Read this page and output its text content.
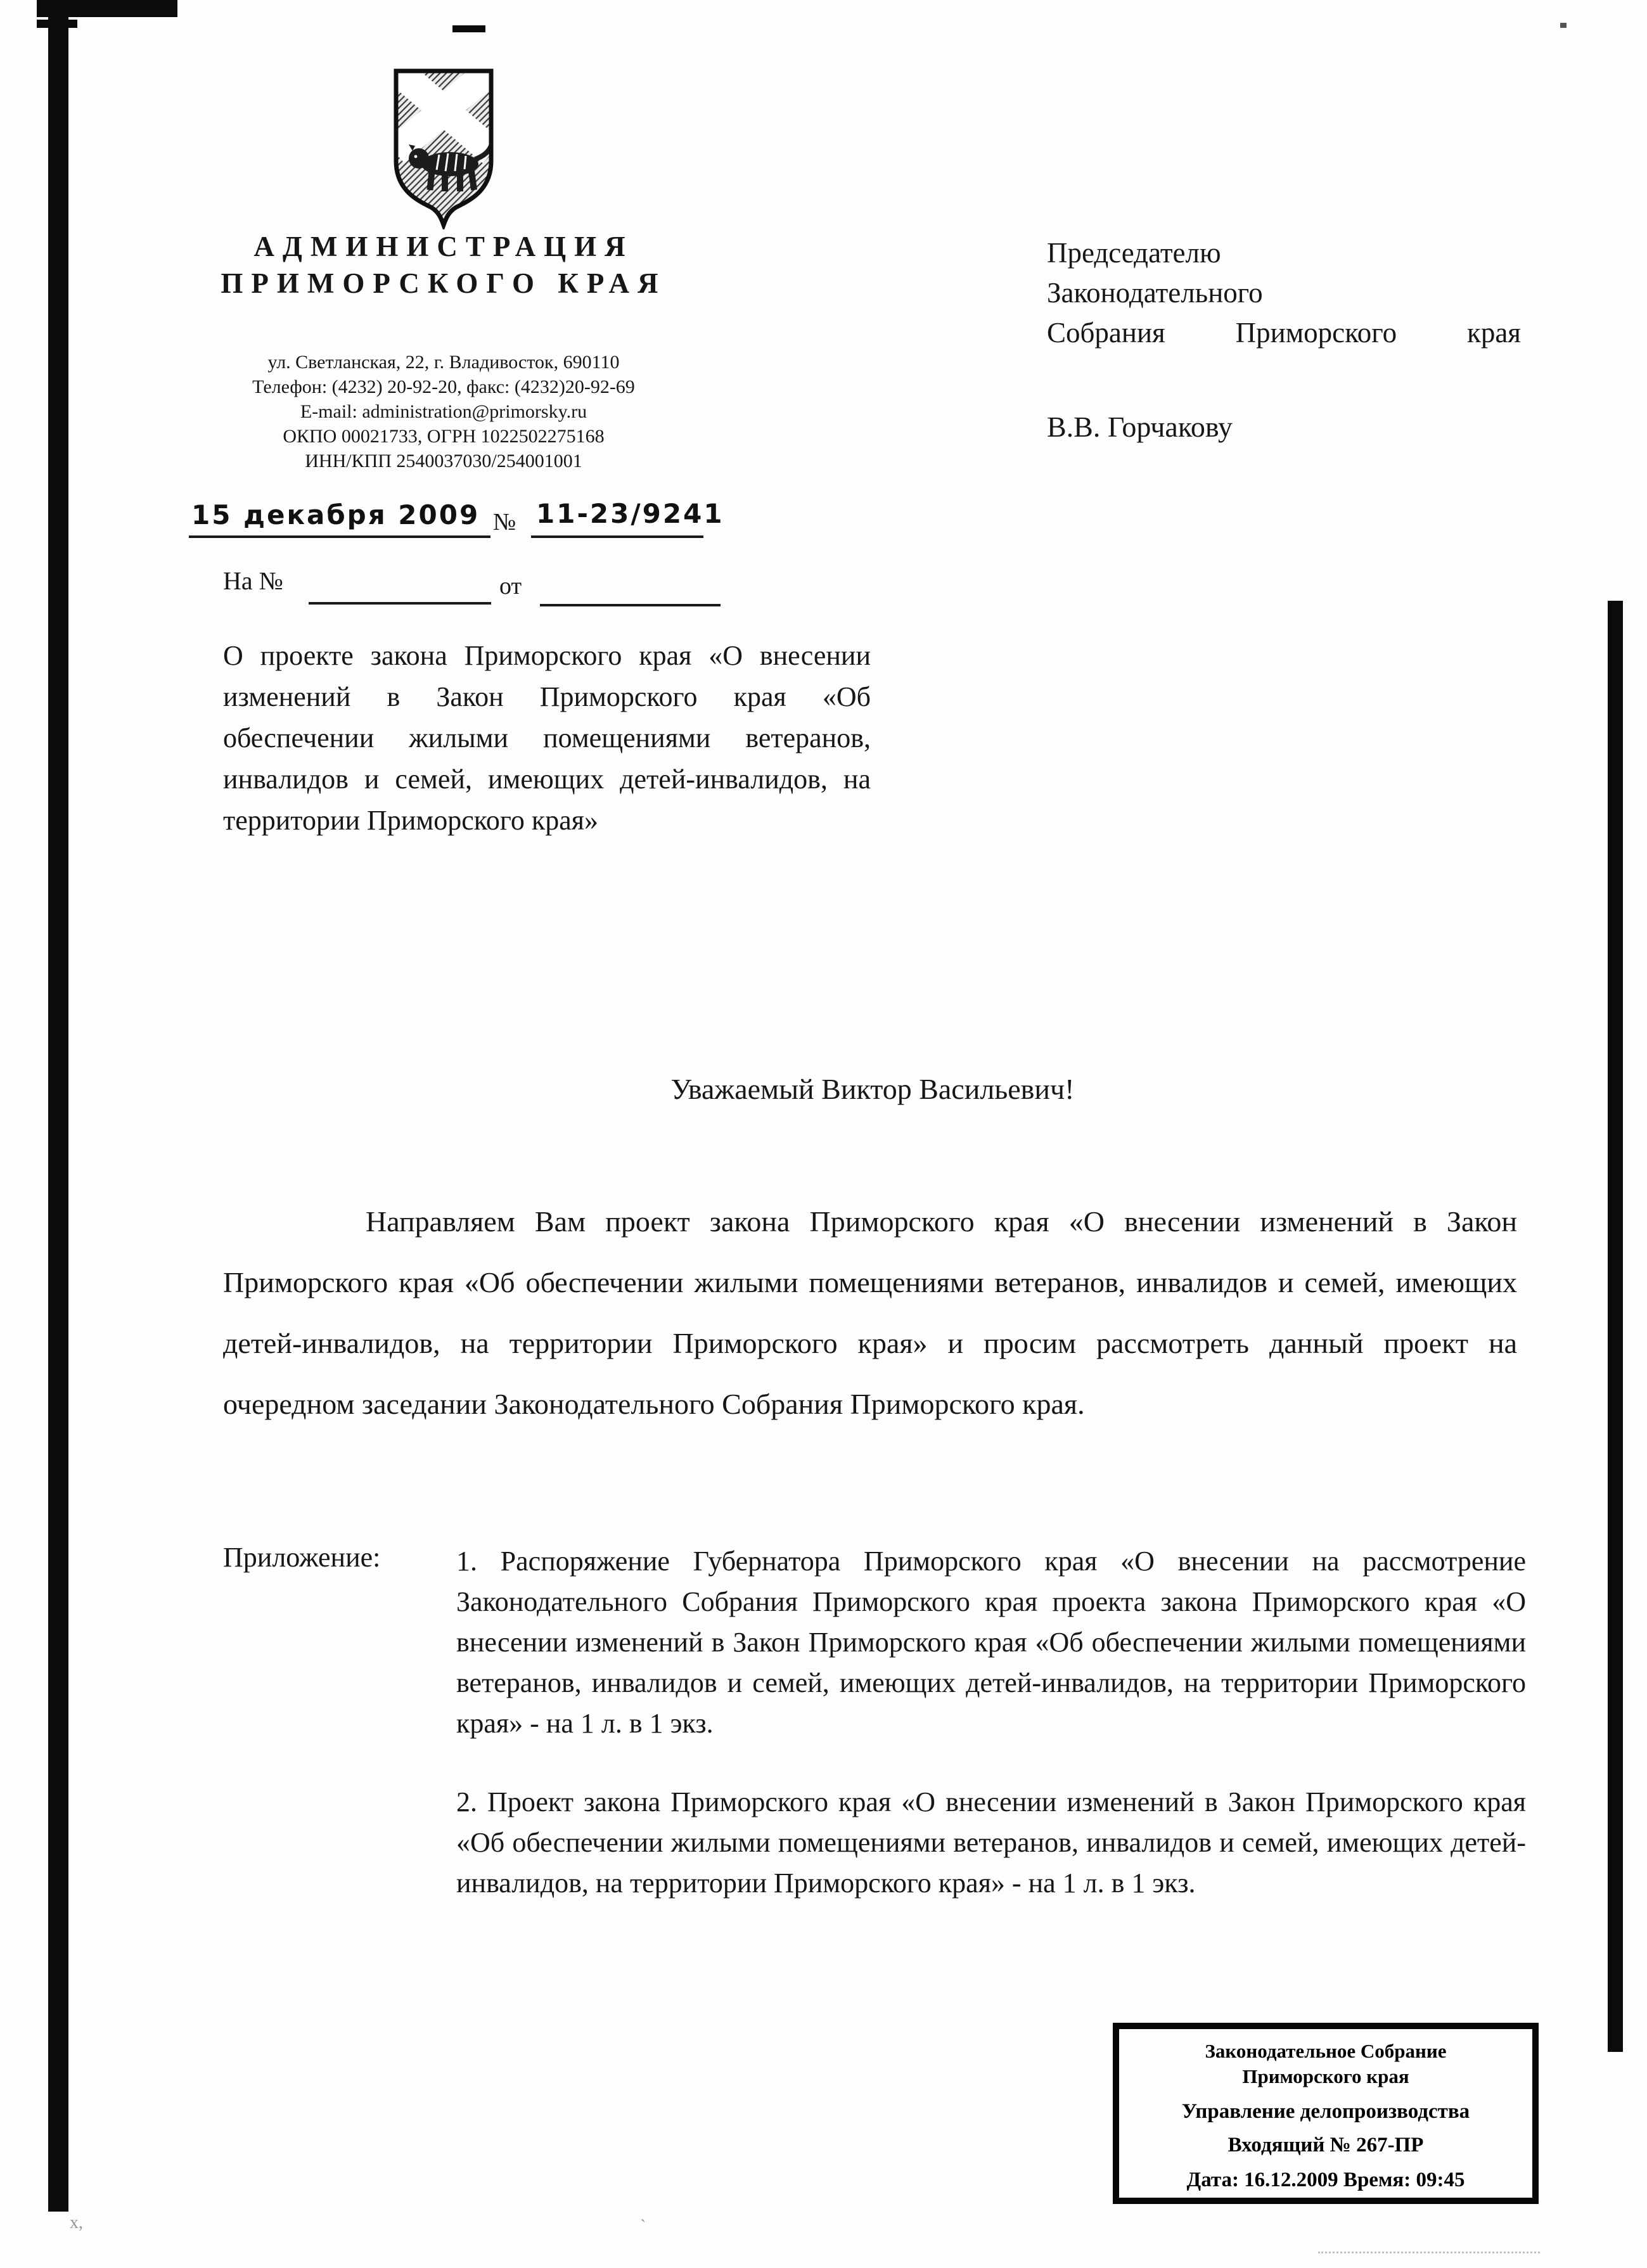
АДМИНИСТРАЦИЯ
ПРИМОРСКОГО КРАЯ
ул. Светланская, 22, г. Владивосток, 690110
Телефон: (4232) 20-92-20, факс: (4232)20-92-69
E-mail: administration@primorsky.ru
ОКПО 00021733, ОГРН 1022502275168
ИНН/КПП 2540037030/254001001
15 декабря 2009 № 11-23/9241
На №	от
Председателю
Законодательного
Собрания Приморского края
В.В. Горчакову
О проекте закона Приморского края «О внесении изменений в Закон Приморского края «Об обеспечении жилыми помещениями ветеранов, инвалидов и семей, имеющих детей-инвалидов, на территории Приморского края»
Уважаемый Виктор Васильевич!
Направляем Вам проект закона Приморского края «О внесении изменений в Закон Приморского края «Об обеспечении жилыми помещениями ветеранов, инвалидов и семей, имеющих детей-инвалидов, на территории Приморского края» и просим рассмотреть данный проект на очередном заседании Законодательного Собрания Приморского края.
Приложение:	1. Распоряжение Губернатора Приморского края «О внесении на рассмотрение Законодательного Собрания Приморского края проекта закона Приморского края «О внесении изменений в Закон Приморского края «Об обеспечении жилыми помещениями ветеранов, инвалидов и семей, имеющих детей-инвалидов, на территории Приморского края» - на 1 л. в 1 экз.
2. Проект закона Приморского края «О внесении изменений в Закон Приморского края «Об обеспечении жилыми помещениями ветеранов, инвалидов и семей, имеющих детей-инвалидов, на территории Приморского края» - на 1 л. в 1 экз.
Законодательное Собрание
Приморского края
Управление делопроизводства
Входящий № 267-ПР
Дата: 16.12.2009 Время: 09:45
х,	`
